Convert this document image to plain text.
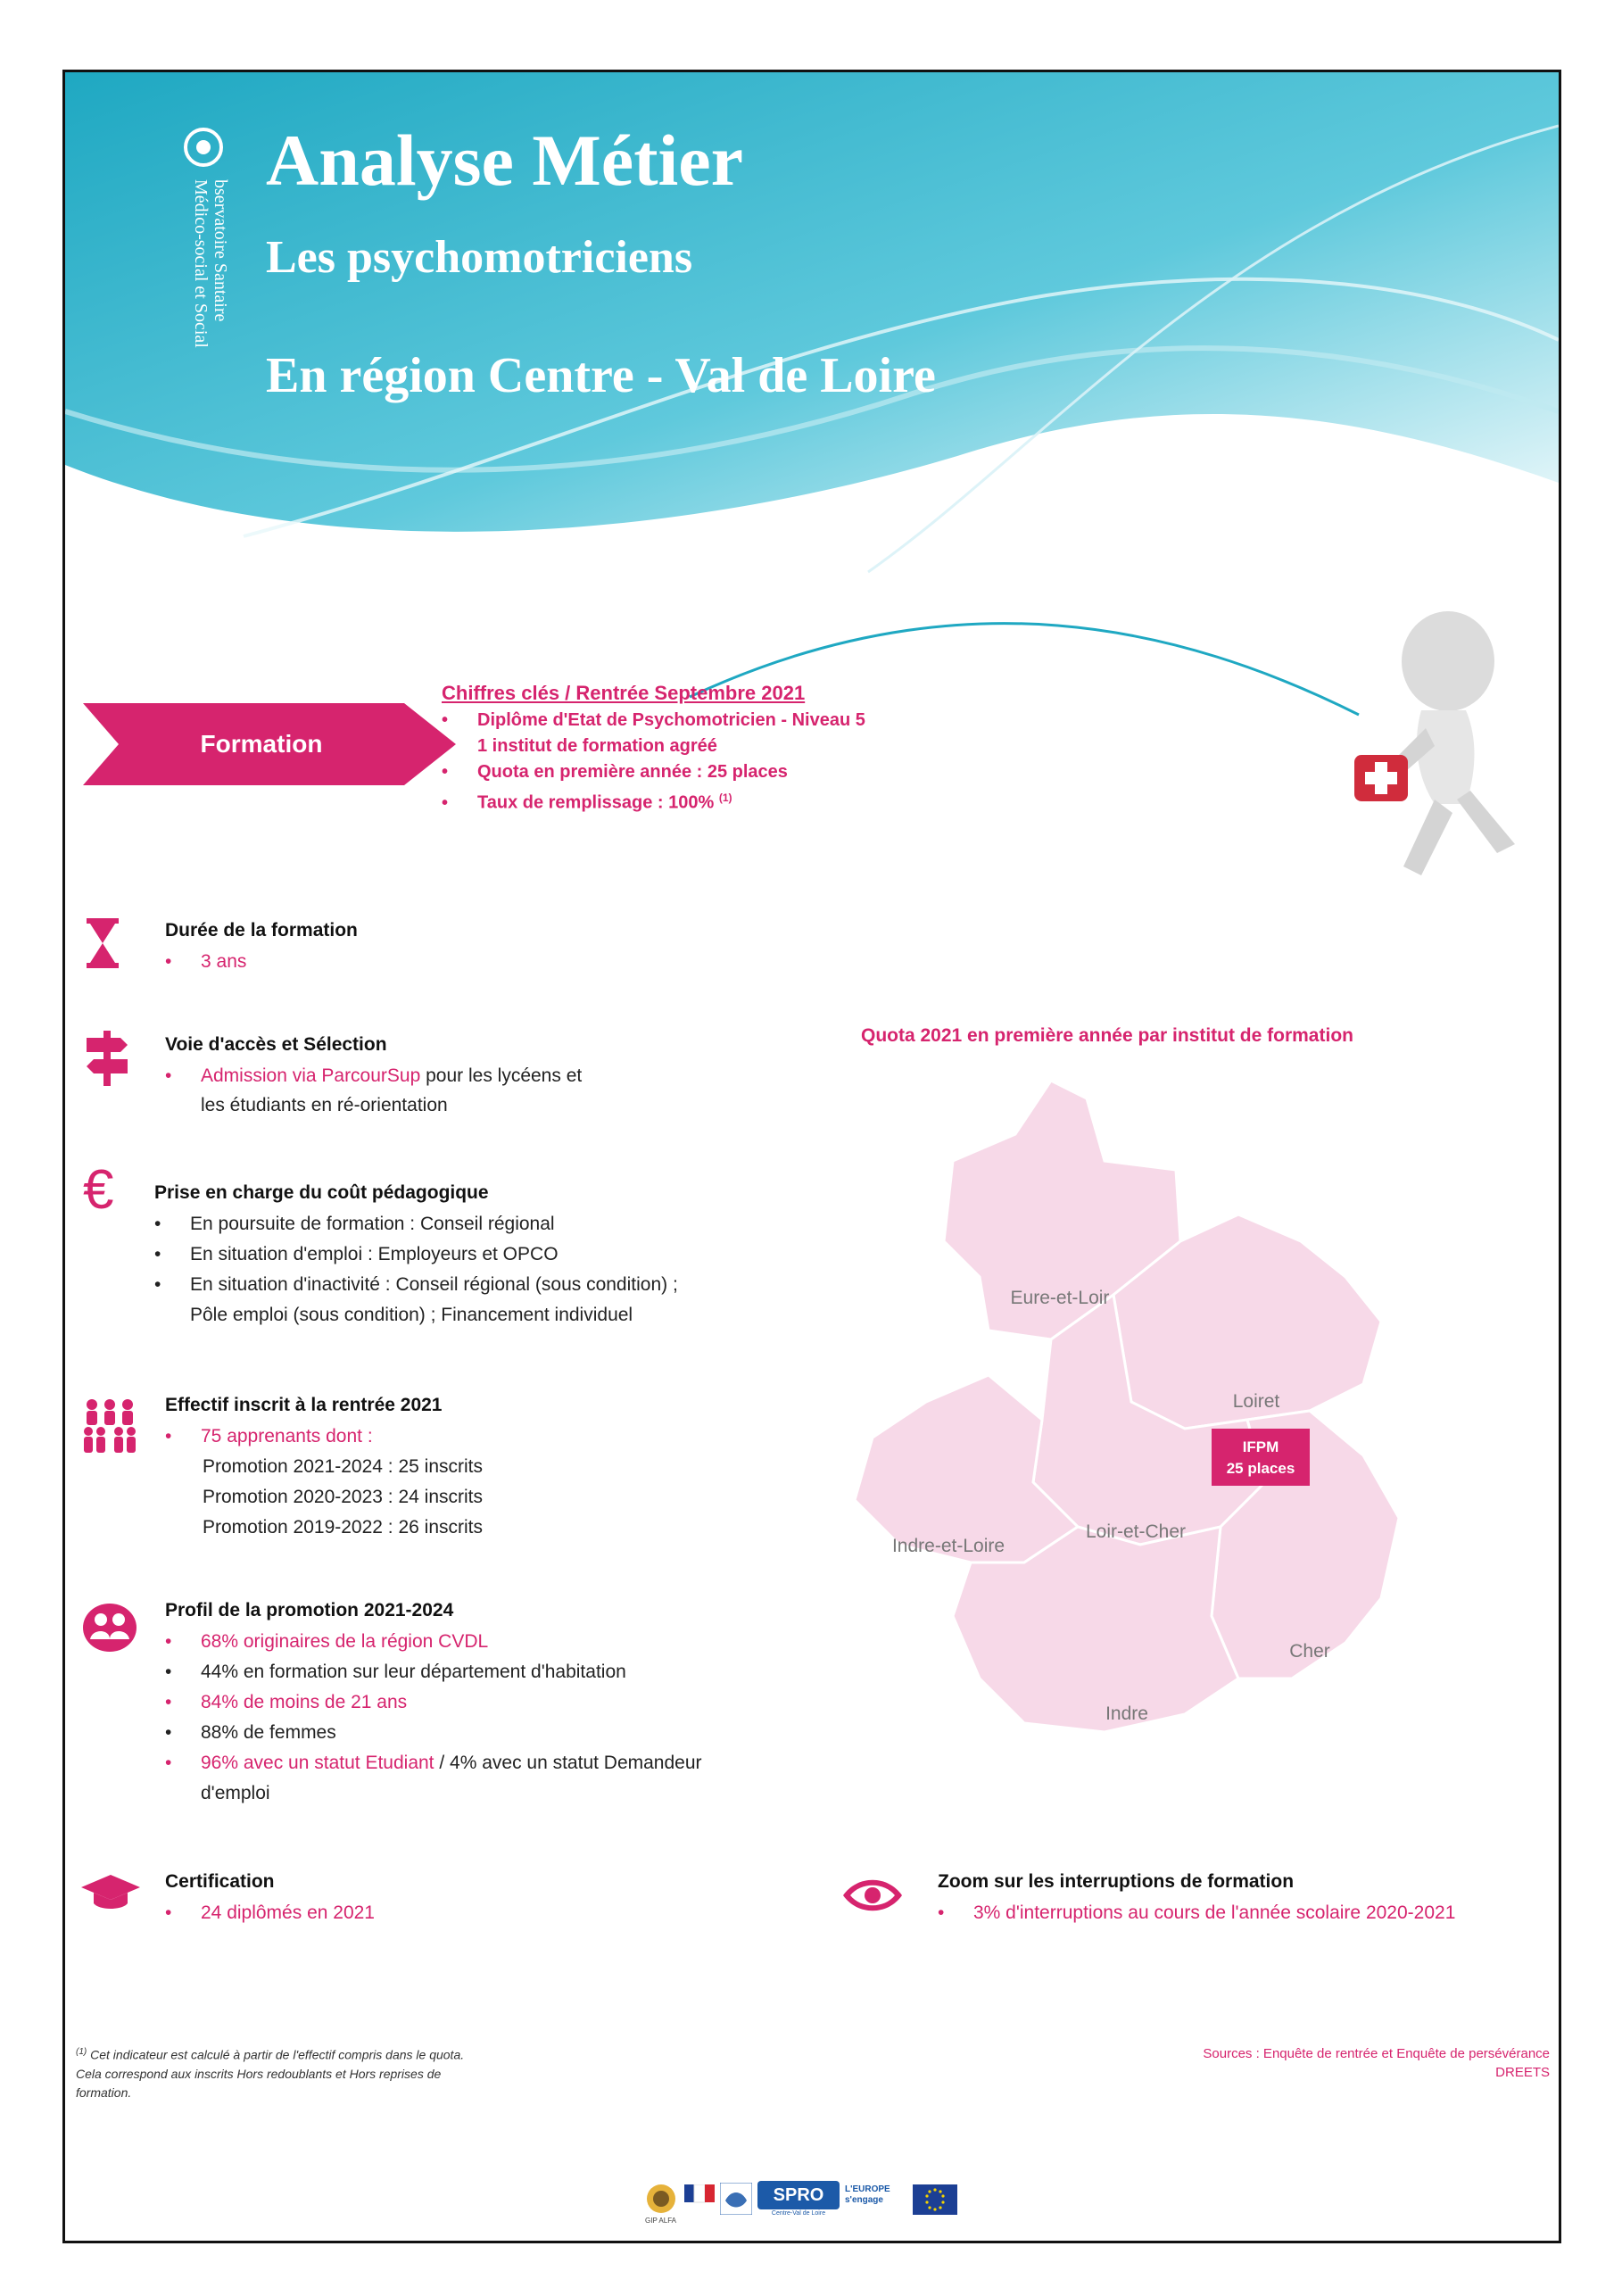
bservatoire Santaire
Médico-social et Social
Analyse Métier
Les psychomotriciens
En région Centre - Val de Loire
Formation
Chiffres clés / Rentrée Septembre 2021
• Diplôme d'Etat de Psychomotricien - Niveau 5
• 1 institut de formation agréé
• Quota en première année : 25 places
• Taux de remplissage : 100% $^{(1)}$
Durée de la formation
• 3 ans
Voie d'accès et Sélection
• Admission via ParcourSup pour les lycéens et
les étudiants en ré-orientation
€ Prise en charge du coût pédagogique
• En poursuite de formation : Conseil régional
• En situation d'emploi : Employeurs et OPCO
• En situation d'inactivité : Conseil régional (sous condition) ;
Pôle emploi (sous condition) ; Financement individuel
Effectif inscrit à la rentrée 2021
• 75 apprenants dont :
Promotion 2021-2024 : 25 inscrits
Promotion 2020-2023 : 24 inscrits
Promotion 2019-2022 : 26 inscrits
Profil de la promotion 2021-2024
• 68% originaires de la région CVDL
• 44% en formation sur leur département d'habitation
• 84% de moins de 21 ans
• 88% de femmes
• 96% avec un statut Etudiant / 4% avec un statut Demandeur
d'emploi
Certification
• 24 diplômés en 2021
Zoom sur les interruptions de formation
• 3% d'interruptions au cours de l'année scolaire 2020-2021
Quota 2021 en première année par institut de formation
Eure-et-Loir
Loiret
Loir-et-Cher
Indre-et-Loire
Cher
Indre
IFPM
25 places
$^{(1)}$ Cet indicateur est calculé à partir de l'effectif compris dans le quota.
Cela correspond aux inscrits Hors redoublants et Hors reprises de
formation.
Sources : Enquête de rentrée et Enquête de persévérance
DREETS
GIP ALFA
SPRO
Centre-Val de Loire
L'EUROPE s'engage
